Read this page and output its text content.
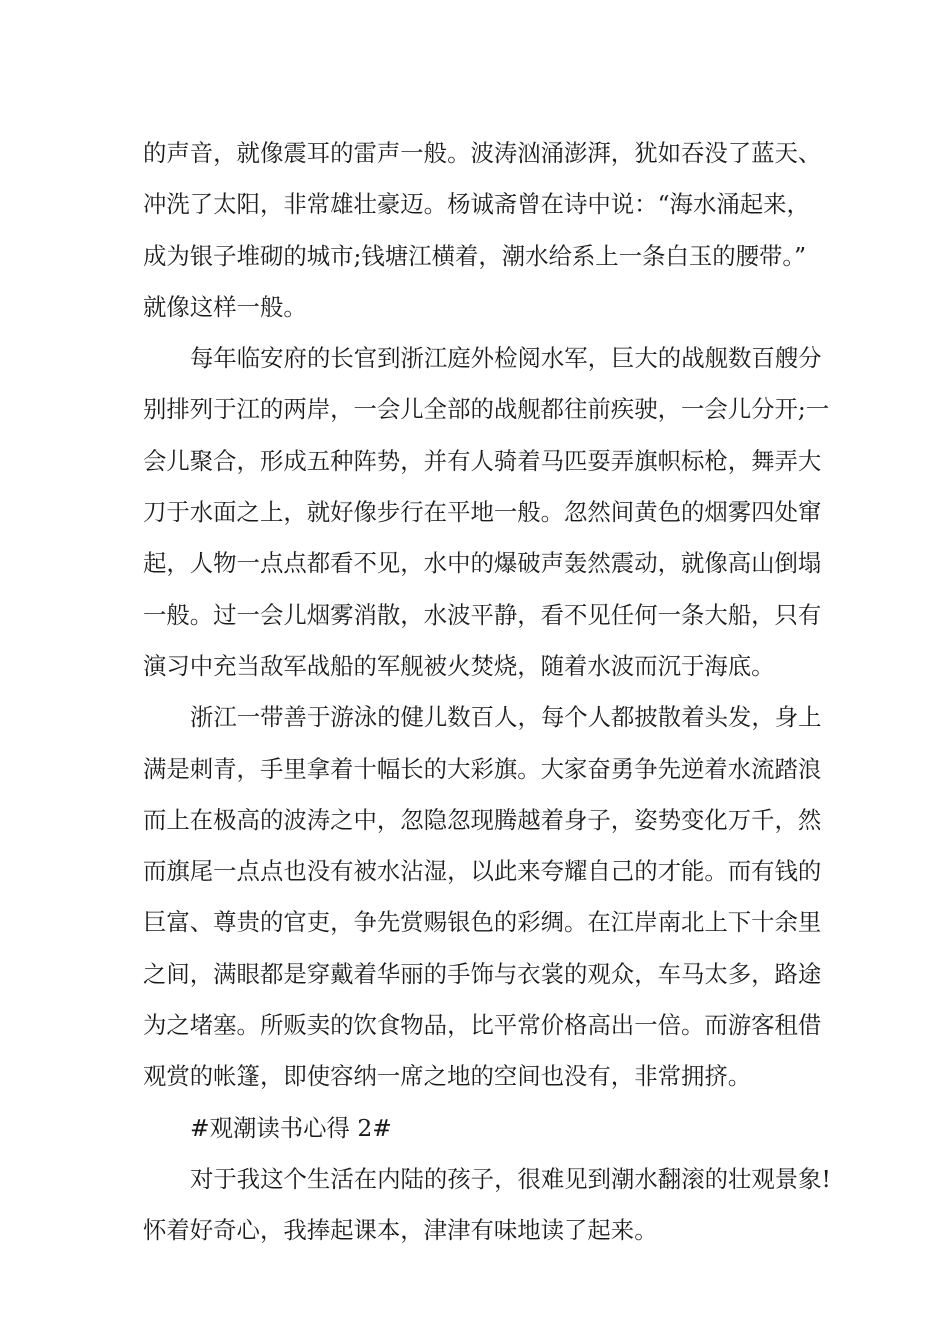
的声音，就像震耳的雷声一般。波涛汹涌澎湃，犹如吞没了蓝天、
冲洗了太阳，非常雄壮豪迈。杨诚斋曾在诗中说：“海水涌起来，
成为银子堆砌的城市;钱塘江横着，潮水给系上一条白玉的腰带。”
就像这样一般。

每年临安府的长官到浙江庭外检阅水军，巨大的战舰数百艘分
别排列于江的两岸，一会儿全部的战舰都往前疾驶，一会儿分开;一
会儿聚合，形成五种阵势，并有人骑着马匹耍弄旗帜标枪，舞弄大
刀于水面之上，就好像步行在平地一般。忽然间黄色的烟雾四处窜
起，人物一点点都看不见，水中的爆破声轰然震动，就像高山倒塌
一般。过一会儿烟雾消散，水波平静，看不见任何一条大船，只有
演习中充当敌军战船的军舰被火焚烧，随着水波而沉于海底。

浙江一带善于游泳的健儿数百人，每个人都披散着头发，身上
满是刺青，手里拿着十幅长的大彩旗。大家奋勇争先逆着水流踏浪
而上在极高的波涛之中，忽隐忽现腾越着身子，姿势变化万千，然
而旗尾一点点也没有被水沾湿，以此来夸耀自己的才能。而有钱的
巨富、尊贵的官吏，争先赏赐银色的彩绸。在江岸南北上下十余里
之间，满眼都是穿戴着华丽的手饰与衣裳的观众，车马太多，路途
为之堵塞。所贩卖的饮食物品，比平常价格高出一倍。而游客租借
观赏的帐篷，即使容纳一席之地的空间也没有，非常拥挤。

#观潮读书心得 2#

对于我这个生活在内陆的孩子，很难见到潮水翻滚的壮观景象!
怀着好奇心，我捧起课本，津津有味地读了起来。
